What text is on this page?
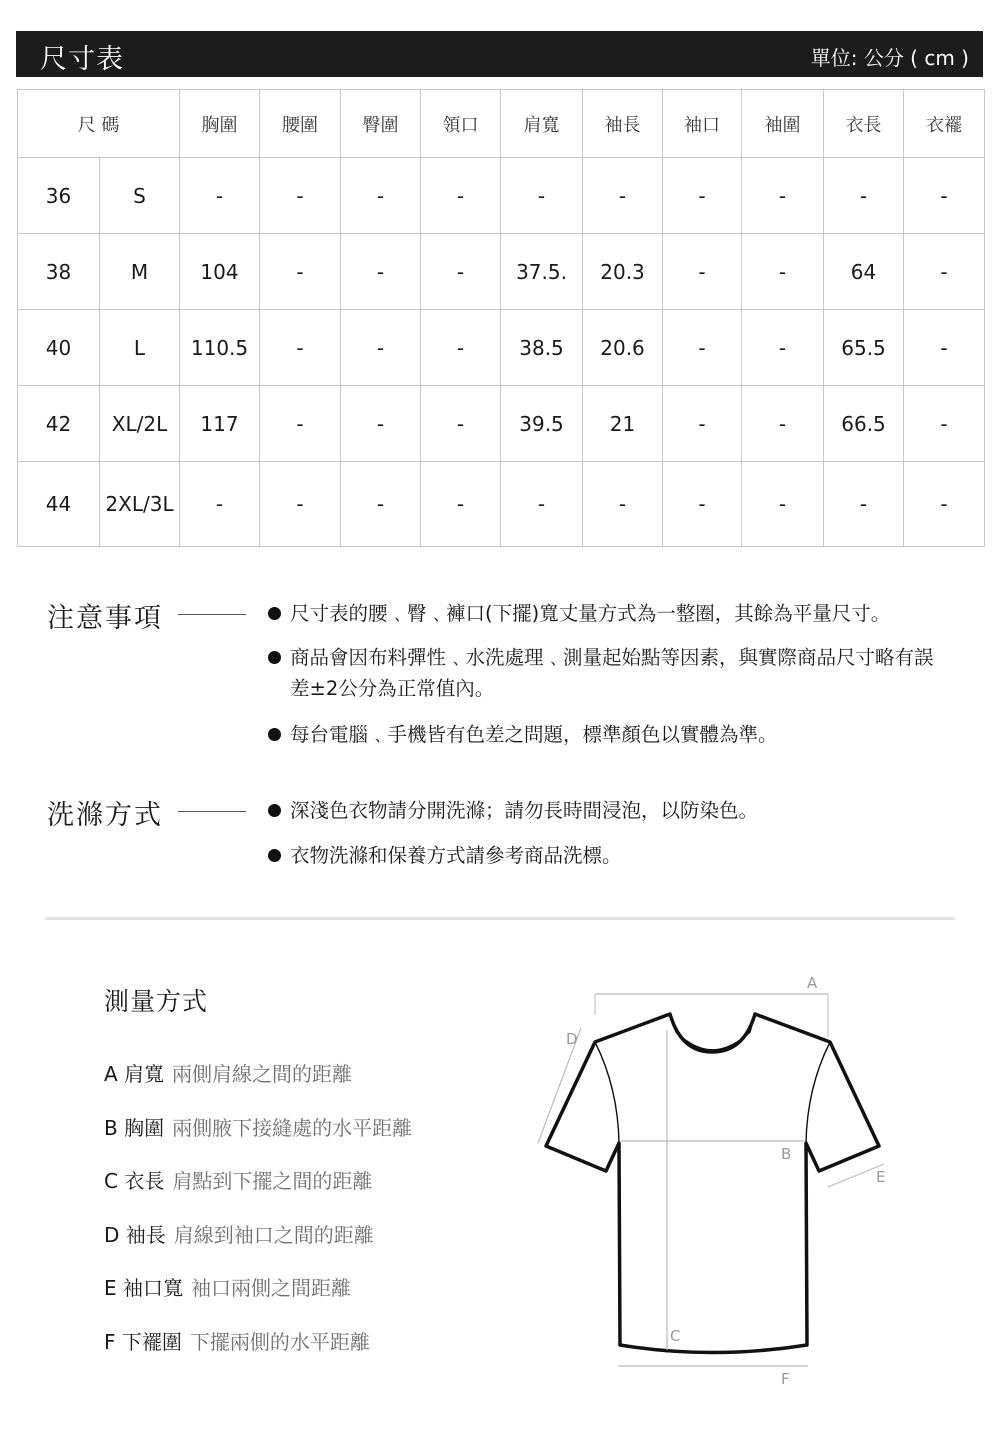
尺寸表	單位: 公分 ( cm )
尺 碼		胸圍	腰圍	臀圍	領口	肩寬	袖長	袖口	袖圍	衣長	衣襬
36	S	-	-	-	-	-	-	-	-	-	-
38	M	104	-	-	-	37.5.	20.3	-	-	64	-
40	L	110.5	-	-	-	38.5	20.6	-	-	65.5	-
42	XL/2L	117	-	-	-	39.5	21	-	-	66.5	-
44	2XL/3L	-	-	-	-	-	-	-	-	-	-
注意事項	尺寸表的腰﹑臀﹑褲口(下擺)寬丈量方式為一整圈，其餘為平量尺寸。
商品會因布料彈性﹑水洗處理﹑測量起始點等因素，與實際商品尺寸略有誤差±2公分為正常值內。
每台電腦﹑手機皆有色差之問題，標準顏色以實體為準。
洗滌方式	深淺色衣物請分開洗滌；請勿長時間浸泡，以防染色。
衣物洗滌和保養方式請參考商品洗標。
測量方式
A 肩寬 兩側肩線之間的距離
B 胸圍 兩側腋下接縫處的水平距離
C 衣長 肩點到下擺之間的距離
D 袖長 肩線到袖口之間的距離
E 袖口寬 袖口兩側之間距離
F 下襬圍 下擺兩側的水平距離
A
D
B
E
C
F
